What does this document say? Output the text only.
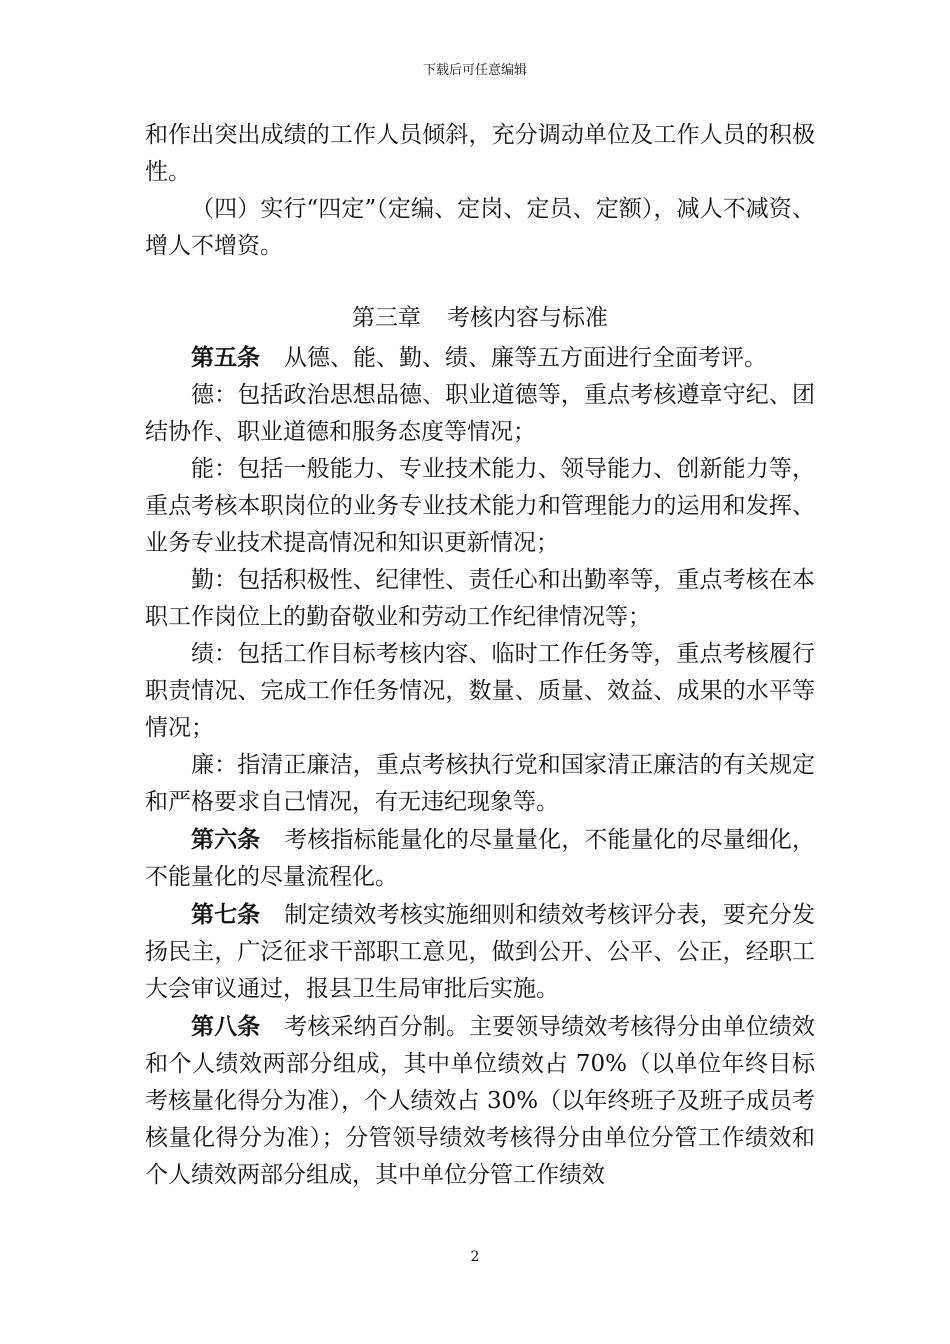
下载后可任意编辑

和作出突出成绩的工作人员倾斜，充分调动单位及工作人员的积极性。

（四）实行“四定”（定编、定岗、定员、定额），减人不减资、增人不增资。

第三章 考核内容与标准

第五条 从德、能、勤、绩、廉等五方面进行全面考评。

德：包括政治思想品德、职业道德等，重点考核遵章守纪、团结协作、职业道德和服务态度等情况；

能：包括一般能力、专业技术能力、领导能力、创新能力等，重点考核本职岗位的业务专业技术能力和管理能力的运用和发挥、业务专业技术提高情况和知识更新情况；

勤：包括积极性、纪律性、责任心和出勤率等，重点考核在本职工作岗位上的勤奋敬业和劳动工作纪律情况等；

绩：包括工作目标考核内容、临时工作任务等，重点考核履行职责情况、完成工作任务情况，数量、质量、效益、成果的水平等情况；

廉：指清正廉洁，重点考核执行党和国家清正廉洁的有关规定和严格要求自己情况，有无违纪现象等。

第六条 考核指标能量化的尽量量化，不能量化的尽量细化，不能量化的尽量流程化。

第七条 制定绩效考核实施细则和绩效考核评分表，要充分发扬民主，广泛征求干部职工意见，做到公开、公平、公正，经职工大会审议通过，报县卫生局审批后实施。

第八条 考核采纳百分制。主要领导绩效考核得分由单位绩效和个人绩效两部分组成，其中单位绩效占 70%（以单位年终目标考核量化得分为准），个人绩效占 30%（以年终班子及班子成员考核量化得分为准）；分管领导绩效考核得分由单位分管工作绩效和个人绩效两部分组成，其中单位分管工作绩效

2
